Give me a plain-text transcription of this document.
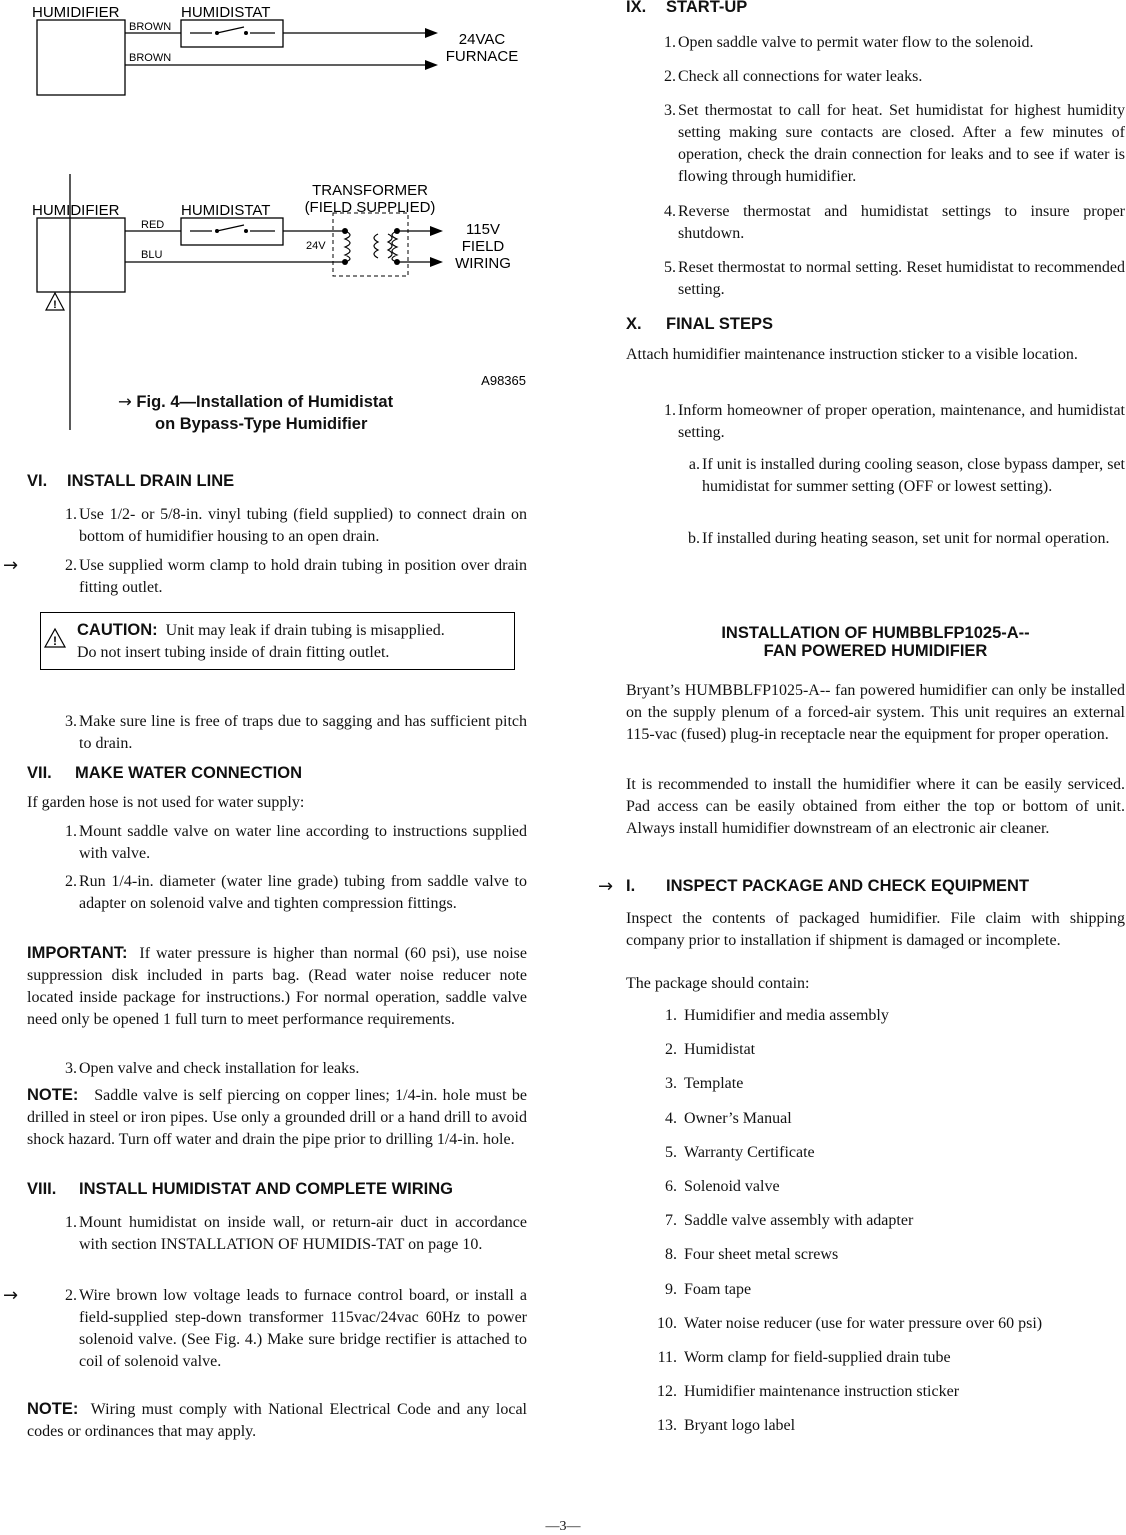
HUMIDIFIER	HUMIDISTAT
BROWN
BROWN
24VAC
FURNACE
!
HUMIDIFIER	HUMIDISTAT
TRANSFORMER
(FIELD SUPPLIED)
RED
BLU
24V
115V
FIELD
WIRING
A98365
→ Fig. 4—Installation of Humidistat
on Bypass-Type Humidifier
VI. INSTALL DRAIN LINE
1. Use 1/2- or 5/8-in. vinyl tubing (field supplied) to connect drain on bottom of humidifier housing to an open drain.
→	2. Use supplied worm clamp to hold drain tubing in position over drain fitting outlet.
!
CAUTION: Unit may leak if drain tubing is misapplied.
Do not insert tubing inside of drain fitting outlet.
3. Make sure line is free of traps due to sagging and has sufficient pitch to drain.
VII. MAKE WATER CONNECTION

If garden hose is not used for water supply:

1. Mount saddle valve on water line according to instructions supplied with valve.
2. Run 1/4-in. diameter (water line grade) tubing from saddle valve to adapter on solenoid valve and tighten compression fittings.

IMPORTANT: If water pressure is higher than normal (60 psi), use noise suppression disk included in parts bag. (Read water noise reducer note located inside package for instructions.) For normal operation, saddle valve need only be opened 1 full turn to meet performance requirements.

3. Open valve and check installation for leaks.

NOTE: Saddle valve is self piercing on copper lines; 1/4-in. hole must be drilled in steel or iron pipes. Use only a grounded drill or a hand drill to avoid shock hazard. Turn off water and drain the pipe prior to drilling 1/4-in. hole.

VIII. INSTALL HUMIDISTAT AND COMPLETE WIRING
1. Mount humidistat on inside wall, or return-air duct in accordance with section INSTALLATION OF HUMIDIS-TAT on page 10.
→	2. Wire brown low voltage leads to furnace control board, or install a field-supplied step-down transformer 115vac/24vac 60Hz to power solenoid valve. (See Fig. 4.) Make sure bridge rectifier is attached to coil of solenoid valve.

NOTE: Wiring must comply with National Electrical Code and any local codes or ordinances that may apply.

IX. START-UP
1. Open saddle valve to permit water flow to the solenoid.
2. Check all connections for water leaks.
3. Set thermostat to call for heat. Set humidistat for highest humidity setting making sure contacts are closed. After a few minutes of operation, check the drain connection for leaks and to see if water is flowing through humidifier.
4. Reverse thermostat and humidistat settings to insure proper shutdown.
5. Reset thermostat to normal setting. Reset humidistat to recommended setting.
X. FINAL STEPS

Attach humidifier maintenance instruction sticker to a visible location.

1. Inform homeowner of proper operation, maintenance, and humidistat setting.
a. If unit is installed during cooling season, close bypass damper, set humidistat for summer setting (OFF or lowest setting).
b. If installed during heating season, set unit for normal operation.
INSTALLATION OF HUMBBLFP1025-A--
FAN POWERED HUMIDIFIER

Bryant’s HUMBBLFP1025-A-- fan powered humidifier can only be installed on the supply plenum of a forced-air system. This unit requires an external 115-vac (fused) plug-in receptacle near the equipment for proper operation.

It is recommended to install the humidifier where it can be easily serviced. Pad access can be easily obtained from either the top or bottom of unit. Always install humidifier downstream of an electronic air cleaner.

→ I. INSPECT PACKAGE AND CHECK EQUIPMENT

Inspect the contents of packaged humidifier. File claim with shipping company prior to installation if shipment is damaged or incomplete.

The package should contain:

1. Humidifier and media assembly
2. Humidistat
3. Template
4. Owner’s Manual
5. Warranty Certificate
6. Solenoid valve
7. Saddle valve assembly with adapter
8. Four sheet metal screws
9. Foam tape
10. Water noise reducer (use for water pressure over 60 psi)
11. Worm clamp for field-supplied drain tube
12. Humidifier maintenance instruction sticker
13. Bryant logo label
—3—
